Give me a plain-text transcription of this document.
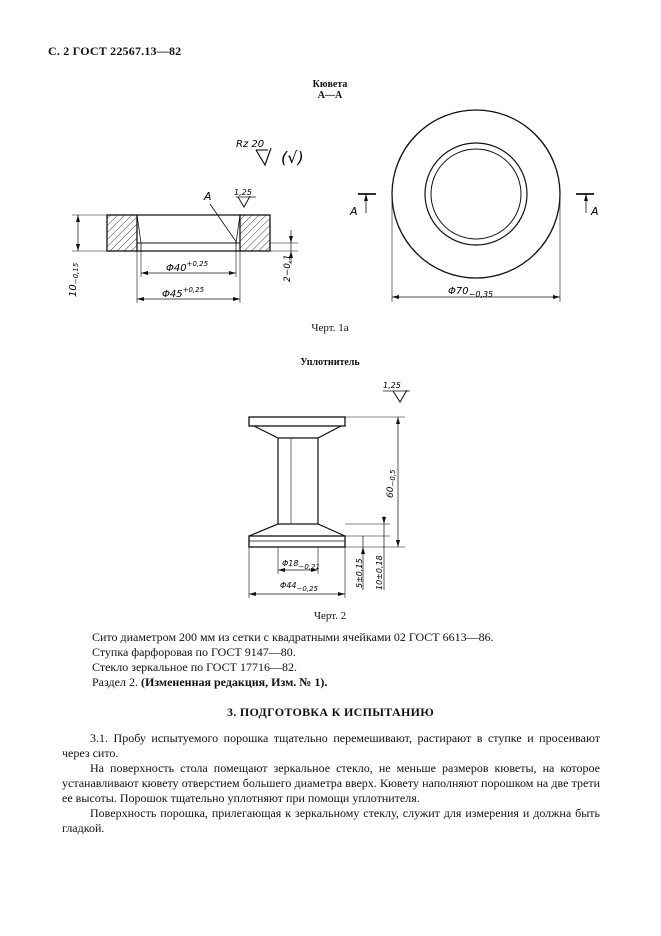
С. 2 ГОСТ 22567.13—82
Кювета
А—А
Rz 20
(√)
1,25
A
$10_{-0,15}$	2−0,1
$\Phi 40^{+0,25}$
$\Phi 45^{+0,25}$
A	A
$\Phi 70_{-0,35}$
1,25
$60_{-0,5}$
5±0,15 10±0,18
Φ18−0,21
Φ44−0,25
Черт. 1а
Уплотнитель
Черт. 2
Сито диаметром 200 мм из сетки с квадратными ячейками 02 ГОСТ 6613—86.
Ступка фарфоровая по ГОСТ 9147—80.
Стекло зеркальное по ГОСТ 17716—82.
Раздел 2. (Измененная редакция, Изм. № 1).
3. ПОДГОТОВКА К ИСПЫТАНИЮ

3.1. Пробу испытуемого порошка тщательно перемешивают, растирают в ступке и просеивают через сито.

На поверхность стола помещают зеркальное стекло, не меньше размеров кюветы, на которое устанавливают кювету отверстием большего диаметра вверх. Кювету наполняют порошком на две трети ее высоты. Порошок тщательно уплотняют при помощи уплотнителя.

Поверхность порошка, прилегающая к зеркальному стеклу, служит для измерения и должна быть гладкой.
